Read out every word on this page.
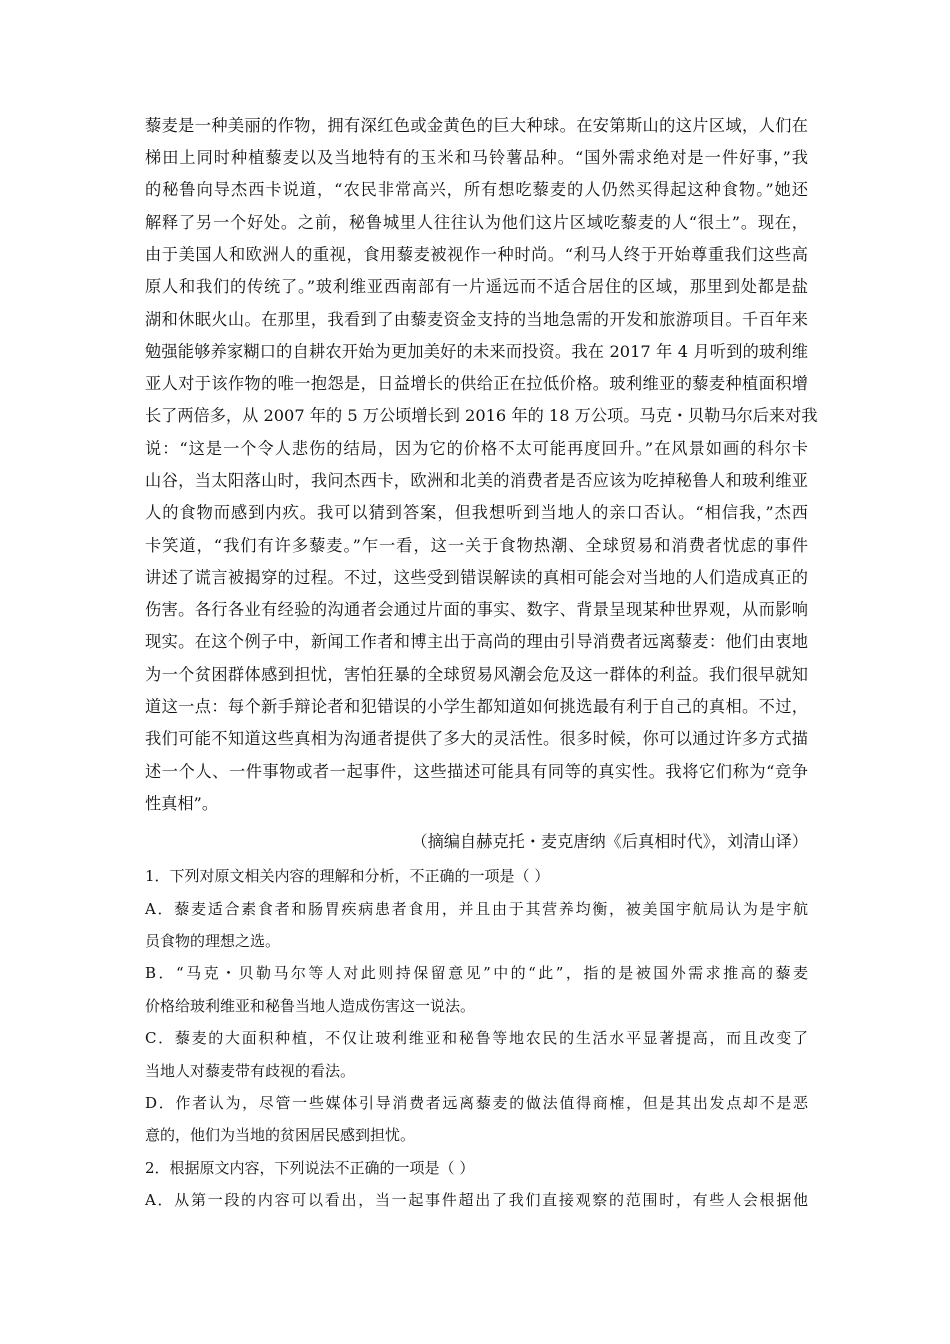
藜麦是一种美丽的作物，拥有深红色或金黄色的巨大种球。在安第斯山的这片区域，人们在
梯田上同时种植藜麦以及当地特有的玉米和马铃薯品种。“国外需求绝对是一件好事，”我
的秘鲁向导杰西卡说道，“农民非常高兴，所有想吃藜麦的人仍然买得起这种食物。”她还
解释了另一个好处。之前，秘鲁城里人往往认为他们这片区域吃藜麦的人“很土”。现在，
由于美国人和欧洲人的重视，食用藜麦被视作一种时尚。“利马人终于开始尊重我们这些高
原人和我们的传统了。”玻利维亚西南部有一片遥远而不适合居住的区域，那里到处都是盐
湖和休眠火山。在那里，我看到了由藜麦资金支持的当地急需的开发和旅游项目。千百年来
勉强能够养家糊口的自耕农开始为更加美好的未来而投资。我在 2017 年 4 月听到的玻利维
亚人对于该作物的唯一抱怨是，日益增长的供给正在拉低价格。玻利维亚的藜麦种植面积增
长了两倍多，从 2007 年的 5 万公顷增长到 2016 年的 18 万公项。马克・贝勒马尔后来对我
说：“这是一个令人悲伤的结局，因为它的价格不太可能再度回升。”在风景如画的科尔卡
山谷，当太阳落山时，我问杰西卡，欧洲和北美的消费者是否应该为吃掉秘鲁人和玻利维亚
人的食物而感到内疚。我可以猜到答案，但我想听到当地人的亲口否认。“相信我，”杰西
卡笑道，“我们有许多藜麦。”乍一看，这一关于食物热潮、全球贸易和消费者忧虑的事件
讲述了谎言被揭穿的过程。不过，这些受到错误解读的真相可能会对当地的人们造成真正的
伤害。各行各业有经验的沟通者会通过片面的事实、数字、背景呈现某种世界观，从而影响
现实。在这个例子中，新闻工作者和博主出于高尚的理由引导消费者远离藜麦：他们由衷地
为一个贫困群体感到担忧，害怕狂暴的全球贸易风潮会危及这一群体的利益。我们很早就知
道这一点：每个新手辩论者和犯错误的小学生都知道如何挑选最有利于自己的真相。不过，
我们可能不知道这些真相为沟通者提供了多大的灵活性。很多时候，你可以通过许多方式描
述一个人、一件事物或者一起事件，这些描述可能具有同等的真实性。我将它们称为“竞争
性真相”。
（摘编自赫克托・麦克唐纳《后真相时代》，刘清山译）
1．下列对原文相关内容的理解和分析，不正确的一项是（ ）
A．藜麦适合素食者和肠胃疾病患者食用，并且由于其营养均衡，被美国宇航局认为是宇航
员食物的理想之选。
B．“马克・贝勒马尔等人对此则持保留意见”中的“此”，指的是被国外需求推高的藜麦
价格给玻利维亚和秘鲁当地人造成伤害这一说法。
C．藜麦的大面积种植，不仅让玻利维亚和秘鲁等地农民的生活水平显著提高，而且改变了
当地人对藜麦带有歧视的看法。
D．作者认为，尽管一些媒体引导消费者远离藜麦的做法值得商榷，但是其出发点却不是恶
意的，他们为当地的贫困居民感到担忧。
2．根据原文内容，下列说法不正确的一项是（ ）
A．从第一段的内容可以看出，当一起事件超出了我们直接观察的范围时，有些人会根据他
